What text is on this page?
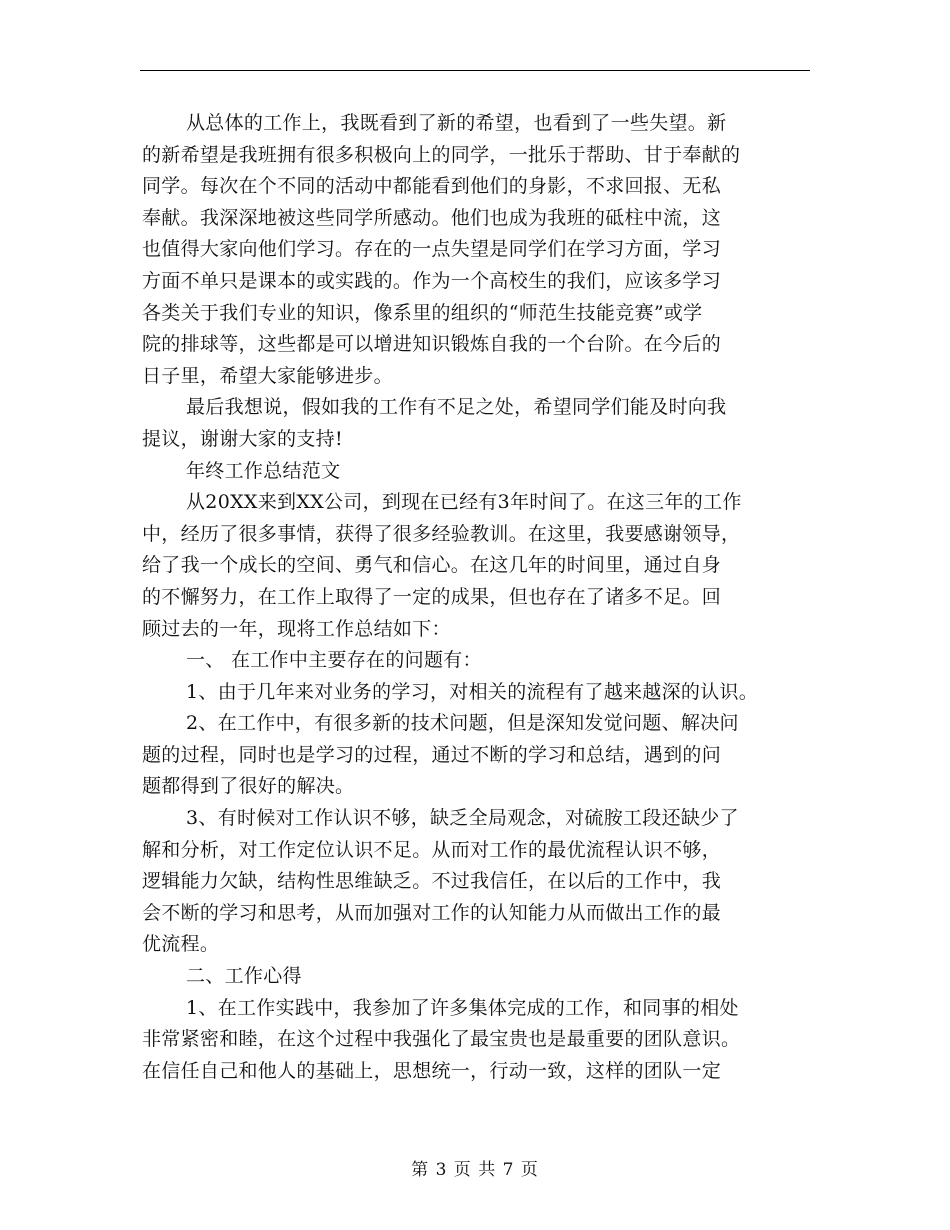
从总体的工作上，我既看到了新的希望，也看到了一些失望。新
的新希望是我班拥有很多积极向上的同学，一批乐于帮助、甘于奉献的
同学。每次在个不同的活动中都能看到他们的身影，不求回报、无私
奉献。我深深地被这些同学所感动。他们也成为我班的砥柱中流，这
也值得大家向他们学习。存在的一点失望是同学们在学习方面，学习
方面不单只是课本的或实践的。作为一个高校生的我们，应该多学习
各类关于我们专业的知识，像系里的组织的“师范生技能竞赛”或学
院的排球等，这些都是可以增进知识锻炼自我的一个台阶。在今后的
日子里，希望大家能够进步。
最后我想说，假如我的工作有不足之处，希望同学们能及时向我
提议，谢谢大家的支持!
年终工作总结范文
从20XX来到XX公司，到现在已经有3年时间了。在这三年的工作
中，经历了很多事情，获得了很多经验教训。在这里，我要感谢领导，
给了我一个成长的空间、勇气和信心。在这几年的时间里，通过自身
的不懈努力，在工作上取得了一定的成果，但也存在了诸多不足。回
顾过去的一年，现将工作总结如下：
一、 在工作中主要存在的问题有：
1、由于几年来对业务的学习，对相关的流程有了越来越深的认识。
2、在工作中，有很多新的技术问题，但是深知发觉问题、解决问
题的过程，同时也是学习的过程，通过不断的学习和总结，遇到的问
题都得到了很好的解决。
3、有时候对工作认识不够，缺乏全局观念，对硫胺工段还缺少了
解和分析，对工作定位认识不足。从而对工作的最优流程认识不够，
逻辑能力欠缺，结构性思维缺乏。不过我信任，在以后的工作中，我
会不断的学习和思考，从而加强对工作的认知能力从而做出工作的最
优流程。
二、工作心得
1、在工作实践中，我参加了许多集体完成的工作，和同事的相处
非常紧密和睦，在这个过程中我强化了最宝贵也是最重要的团队意识。
在信任自己和他人的基础上，思想统一，行动一致，这样的团队一定
第 3 页 共 7 页
